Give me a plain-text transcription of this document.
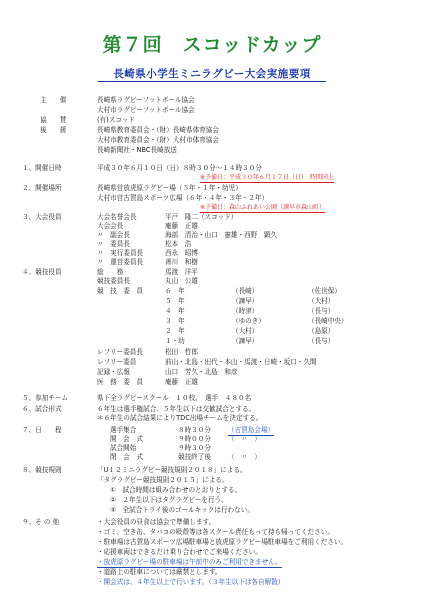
第７回　スコッドカップ
長崎県小学生ミニラグビー大会実施要項
主　　催	長崎県ラグビーフットボール協会
大村市ラグビーフットボール協会
協　　賛	(有)スコッド
後　　援	長崎県教育委員会・（財）長崎県体育協会
大村市教育委員会・（財）大村市体育協会
長崎新聞社・NBC長崎放送
１、開催日時	平成３０年６月１０日（日）８時３０分～１４時３０分
※予備日：平成３０年６月１７日（日）　時間同上
２、開催場所	長崎県営放虎原ラグビー場（５年・１年・幼児）
大村市営古賀島スポーツ広場（６年・４年・３年・２年）
※予備日：森山ふれあい公園（諫早市森山町）
３、大会役員	大会名誉会長	平戸　隆二（スコッド）
大会会長	庵藤　正雄
〃　副会長	海部　清治・山口　憲雄・西野　顕久
〃　委員長	松本　浩
〃　実行委員長	西永　昭博
〃　運営委員長	善川　和樹
４、競技役員	総　　務	馬渡　洋平
競技委員長	丸山　公雄
競　技　委　員	６　年	（長崎）	（佐世保）
５　年	（諫早）	（大村）
４　年	（時津）	（長与）
３　年	（ゆのき）	（長崎中央）
２　年	（大村）	（島原）
１・幼	（諫早）	（長与）
レフリー委員長	松田　哲郎
レフリー委員	前山・北島・田代・本山・馬渡・日崎・坂口・久間
記録・広報	山口　芳久・北島　和彦
医　務　委　員	庵藤　正雄
５、参加チーム	県下全ラグビースクール　１０校、　選手　４８０名
６、試合形式	６年生は選手権試合、５年生以下は交歓試合とする。
＊６年生の試合結果によりTDC出場チームを決定する。
７、日　　程	選手集合	８時３０分	（古賀島会場）
開　会　式	９時００分	（　〃　）
試合開始	９時３０分
閉　会　式	競技終了後	（　〃　）
８、競技規則	「U１２ミニラグビー競技規則２０１８」による。
「タグラグビー競技規則２０１５」による。
①　試合時間は組み合わせのとおりとする。
②　２年生以下はタグラグビーを行う。
③　全試合トライ後のゴールキックは行わない。
９、そ の 他	・大会役員の昼食は協会で準備します。
・ゴミ、空き缶、タバコの吸殻等は各スクール責任もって持ち帰ってください。
・駐車場は古賀島スポーツ広場駐車場と放虎原ラグビー場駐車場をご利用ください。
・応援車両はできるだけ乗り合わせでご来場ください。
・放虎原ラグビー場の駐車場は午前中のみご利用できません。
・道路上の駐車については厳禁とします。
・開会式は、４年生以上で行います。（３年生以下は各自解散）
